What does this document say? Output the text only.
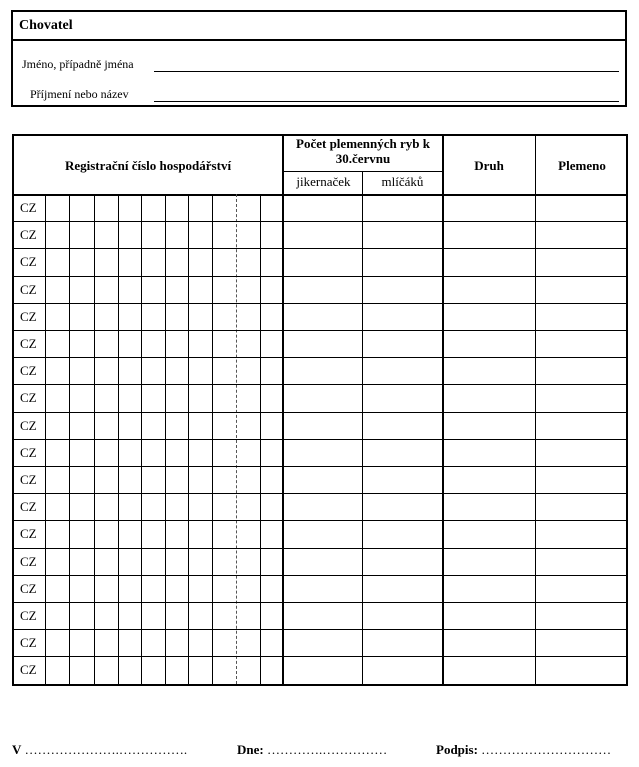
Chovatel
Jméno, případně jména
Příjmení nebo název
Registrační číslo hospodářství
Počet plemenných ryb k 30.červnu
jikernaček	mlíčáků
Druh	Plemeno
CZ
CZ
CZ
CZ
CZ
CZ
CZ
CZ
CZ
CZ
CZ
CZ
CZ
CZ
CZ
CZ
CZ
CZ
V ………………….…………….	Dne: ………….……………	Podpis: …………………………
